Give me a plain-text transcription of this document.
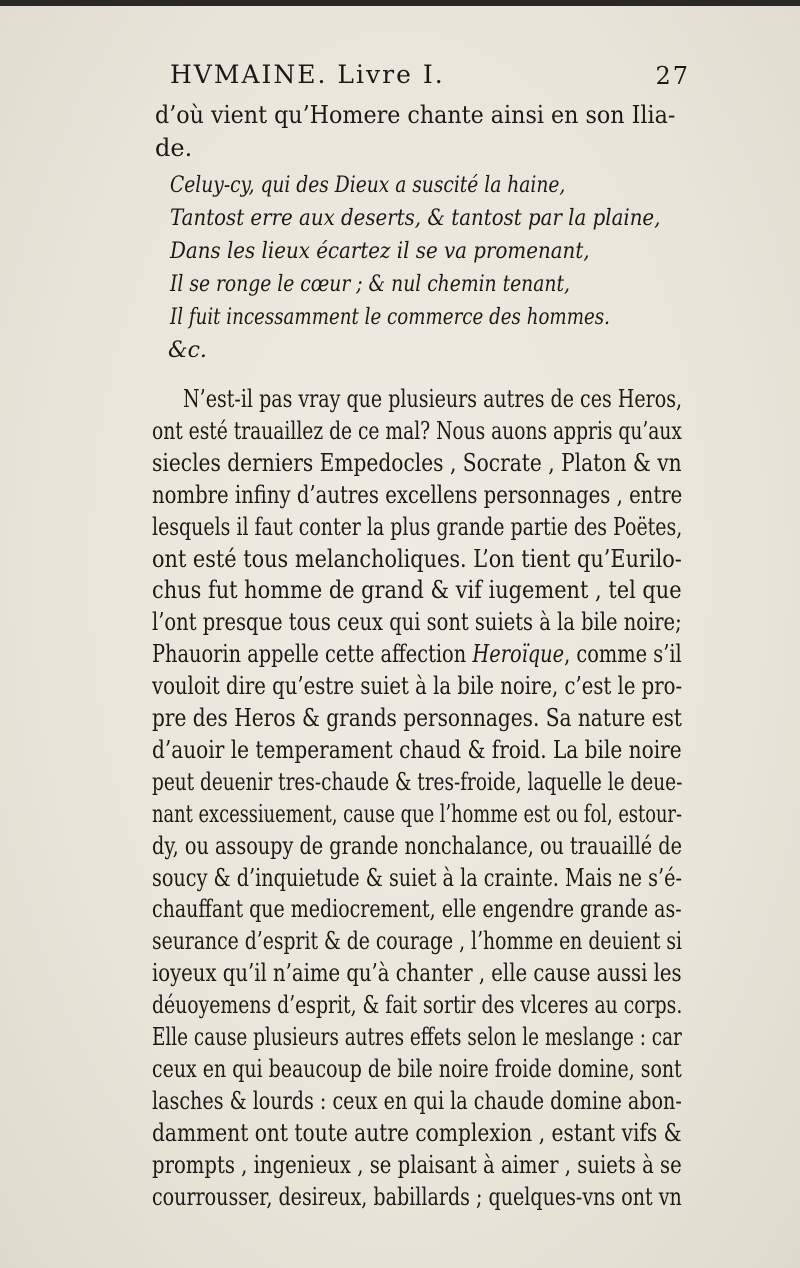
HVMAINE. Livre I.	27
d’où vient qu’Homere chante ainsi en son Ilia-
de.
Celuy-cy, qui des Dieux a suscité la haine,
Tantost erre aux deserts, & tantost par la plaine,
Dans les lieux écartez il se va promenant,
Il se ronge le cœur ; & nul chemin tenant,
Il fuit incessamment le commerce des hommes.
&c.
N’est-il pas vray que plusieurs autres de ces Heros,
ont esté trauaillez de ce mal? Nous auons appris qu’aux
siecles derniers Empedocles , Socrate , Platon & vn
nombre infiny d’autres excellens personnages , entre
lesquels il faut conter la plus grande partie des Poëtes,
ont esté tous melancholiques. L’on tient qu’Eurilo-
chus fut homme de grand & vif iugement , tel que
l’ont presque tous ceux qui sont suiets à la bile noire;
Phauorin appelle cette affection Heroïque, comme s’il
vouloit dire qu’estre suiet à la bile noire, c’est le pro-
pre des Heros & grands personnages. Sa nature est
d’auoir le temperament chaud & froid. La bile noire
peut deuenir tres-chaude & tres-froide, laquelle le deue-
nant excessiuement, cause que l’homme est ou fol, estour-
dy, ou assoupy de grande nonchalance, ou trauaillé de
soucy & d’inquietude & suiet à la crainte. Mais ne s’é-
chauffant que mediocrement, elle engendre grande as-
seurance d’esprit & de courage , l’homme en deuient si
ioyeux qu’il n’aime qu’à chanter , elle cause aussi les
déuoyemens d’esprit, & fait sortir des vlceres au corps.
Elle cause plusieurs autres effets selon le meslange : car
ceux en qui beaucoup de bile noire froide domine, sont
lasches & lourds : ceux en qui la chaude domine abon-
damment ont toute autre complexion , estant vifs &
prompts , ingenieux , se plaisant à aimer , suiets à se
courrousser, desireux, babillards ; quelques-vns ont vn
